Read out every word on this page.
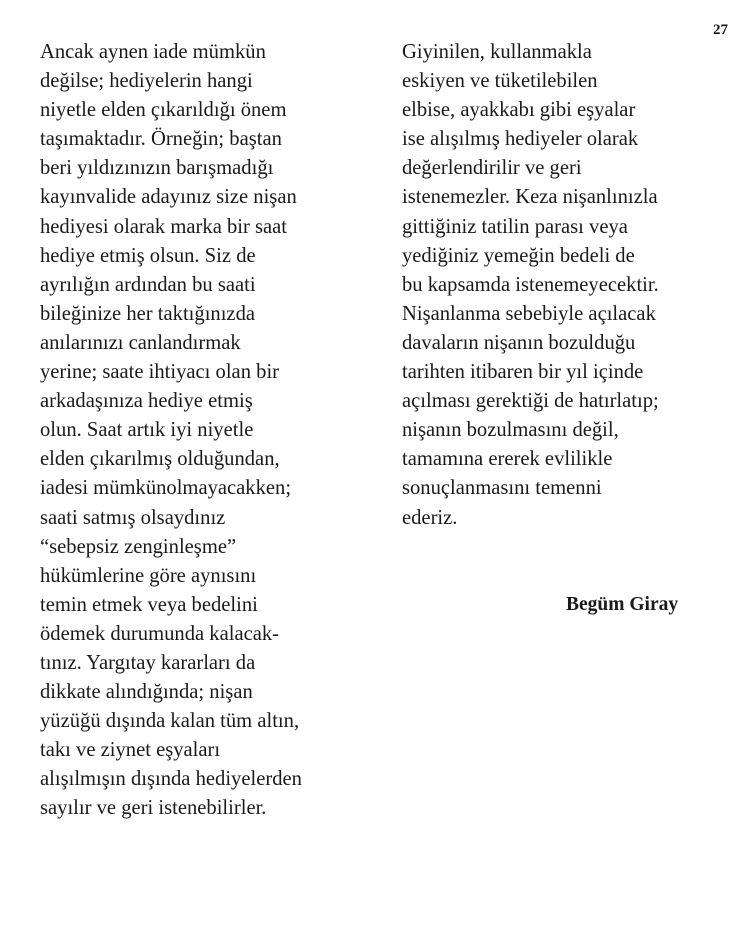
27
Ancak aynen iade mümkün
değilse; hediyelerin hangi
niyetle elden çıkarıldığı önem
taşımaktadır. Örneğin; baştan
beri yıldızınızın barışmadığı
kayınvalide adayınız size nişan
hediyesi olarak marka bir saat
hediye etmiş olsun. Siz de
ayrılığın ardından bu saati
bileğinize her taktığınızda
anılarınızı canlandırmak
yerine; saate ihtiyacı olan bir
arkadaşınıza hediye etmiş
olun. Saat artık iyi niyetle
elden çıkarılmış olduğundan,
iadesi mümkünolmayacakken;
saati satmış olsaydınız
“sebepsiz zenginleşme”
hükümlerine göre aynısını
temin etmek veya bedelini
ödemek durumunda kalacak-
tınız. Yargıtay kararları da
dikkate alındığında; nişan
yüzüğü dışında kalan tüm altın,
takı ve ziynet eşyaları
alışılmışın dışında hediyelerden
sayılır ve geri istenebilirler.
Giyinilen, kullanmakla
eskiyen ve tüketilebilen
elbise, ayakkabı gibi eşyalar
ise alışılmış hediyeler olarak
değerlendirilir ve geri
istenemezler. Keza nişanlınızla
gittiğiniz tatilin parası veya
yediğiniz yemeğin bedeli de
bu kapsamda istenemeyecektir.
Nişanlanma sebebiyle açılacak
davaların nişanın bozulduğu
tarihten itibaren bir yıl içinde
açılması gerektiği de hatırlatıp;
nişanın bozulmasını değil,
tamamına ererek evlilikle
sonuçlanmasını temenni
ederiz.
Begüm Giray
